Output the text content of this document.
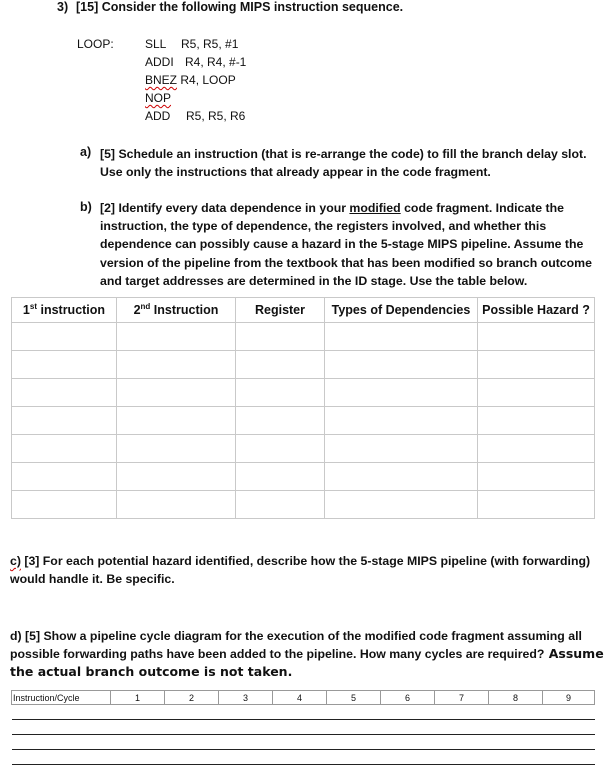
3) [15] Consider the following MIPS instruction sequence.
LOOP:	SLL R5, R5, #1
ADDI R4, R4, #-1
BNEZ R4, LOOP
NOP
ADD R5, R5, R6
a) [5] Schedule an instruction (that is re-arrange the code) to fill the branch delay slot.
Use only the instructions that already appear in the code fragment.
b) [2] Identify every data dependence in your modified code fragment. Indicate the
instruction, the type of dependence, the registers involved, and whether this
dependence can possibly cause a hazard in the 5-stage MIPS pipeline. Assume the
version of the pipeline from the textbook that has been modified so branch outcome
and target addresses are determined in the ID stage. Use the table below.
1st instruction	2nd Instruction	Register	Types of Dependencies	Possible Hazard ?

c) [3] For each potential hazard identified, describe how the 5-stage MIPS pipeline (with forwarding)
would handle it. Be specific.
d) [5] Show a pipeline cycle diagram for the execution of the modified code fragment assuming all
possible forwarding paths have been added to the pipeline. How many cycles are required? Assume
the actual branch outcome is not taken.
Instruction/Cycle	1	2	3	4	5	6	7	8	9
